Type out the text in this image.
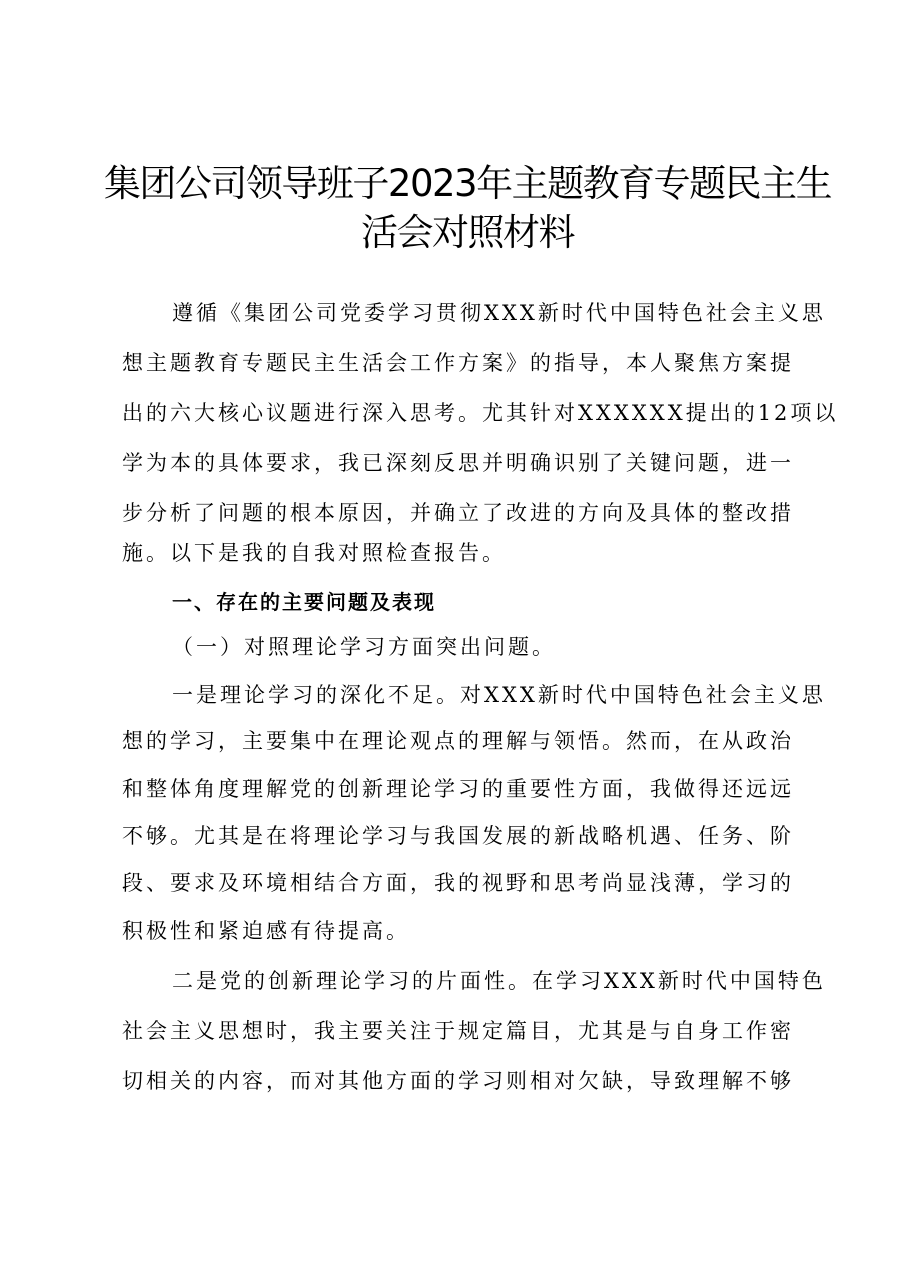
集团公司领导班子2023年主题教育专题民主生
活会对照材料
遵循《集团公司党委学习贯彻XXX新时代中国特色社会主义思
想主题教育专题民主生活会工作方案》的指导，本人聚焦方案提
出的六大核心议题进行深入思考。尤其针对XXXXXX提出的12项以
学为本的具体要求，我已深刻反思并明确识别了关键问题，进一
步分析了问题的根本原因，并确立了改进的方向及具体的整改措
施。以下是我的自我对照检查报告。
一、存在的主要问题及表现
（一）对照理论学习方面突出问题。
一是理论学习的深化不足。对XXX新时代中国特色社会主义思
想的学习，主要集中在理论观点的理解与领悟。然而，在从政治
和整体角度理解党的创新理论学习的重要性方面，我做得还远远
不够。尤其是在将理论学习与我国发展的新战略机遇、任务、阶
段、要求及环境相结合方面，我的视野和思考尚显浅薄，学习的
积极性和紧迫感有待提高。
二是党的创新理论学习的片面性。在学习XXX新时代中国特色
社会主义思想时，我主要关注于规定篇目，尤其是与自身工作密
切相关的内容，而对其他方面的学习则相对欠缺，导致理解不够
